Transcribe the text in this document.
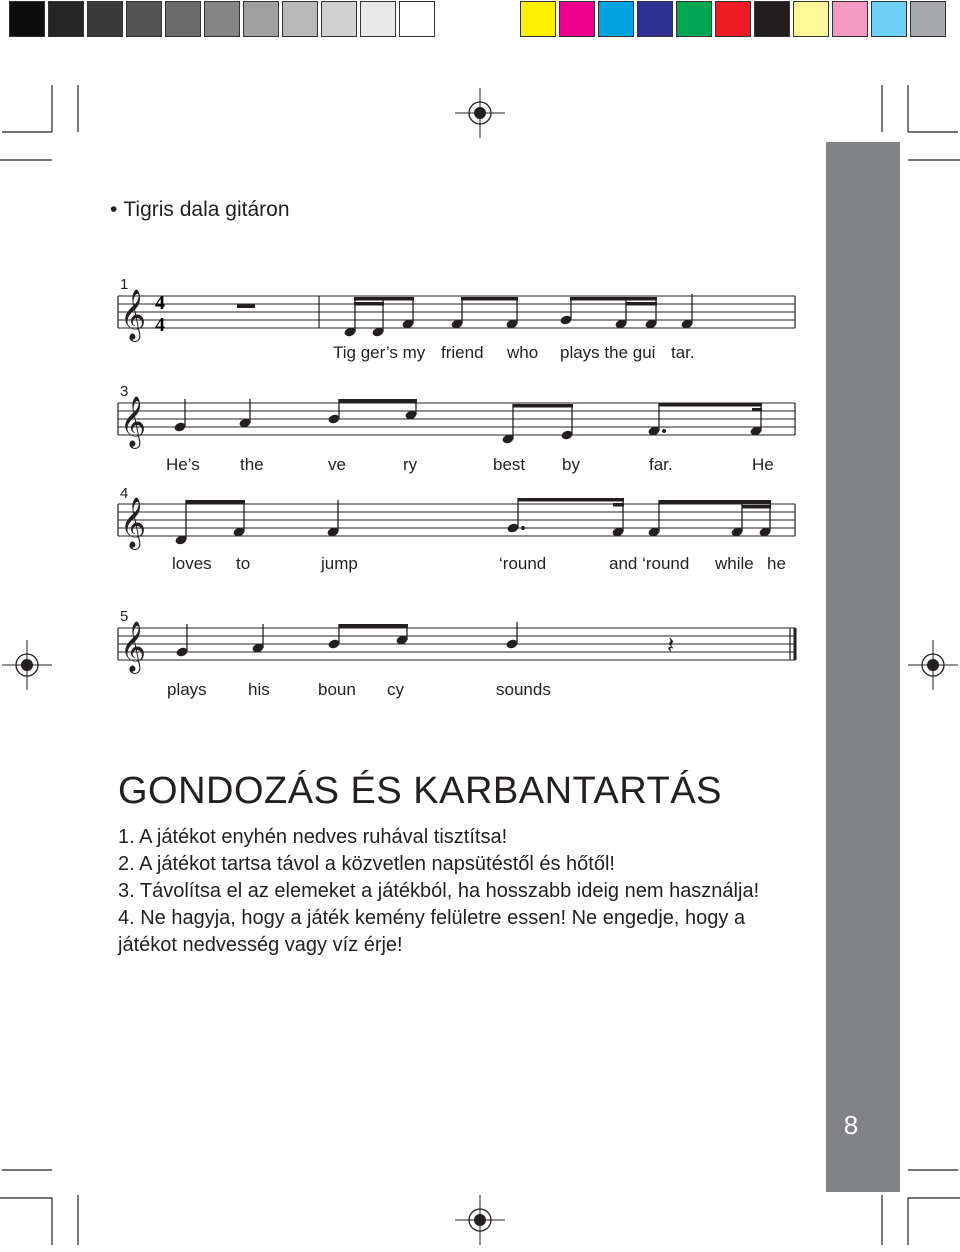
8
• Tigris dala gitáron
𝄞
𝄞
𝄞
𝄞	𝄽
4
4
1
3
4
5
Tig ger’s my friend who plays the gui tar.
He’s the	ve	ry	best by	far.	He
loves to	jump	‘round	and ‘round while he
plays his	boun cy	sounds
GONDOZÁS ÉS KARBANTARTÁS

1. A játékot enyhén nedves ruhával tisztítsa!

2. A játékot tartsa távol a közvetlen napsütéstől és hőtől!

3. Távolítsa el az elemeket a játékból, ha hosszabb ideig nem használja!

4. Ne hagyja, hogy a játék kemény felületre essen! Ne engedje, hogy a játékot nedvesség vagy víz érje!
